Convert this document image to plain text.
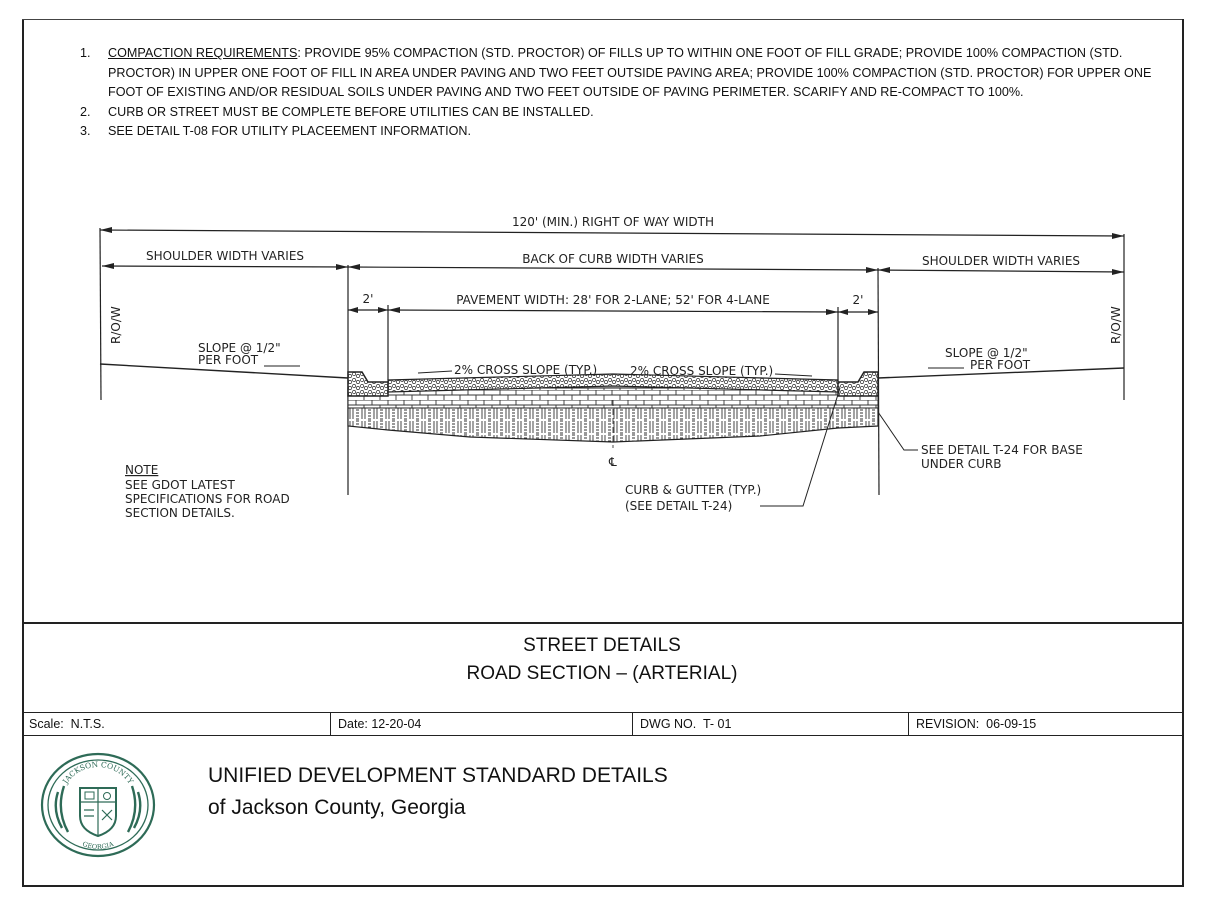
1. COMPACTION REQUIREMENTS: PROVIDE 95% COMPACTION (STD. PROCTOR) OF FILLS UP TO WITHIN ONE FOOT OF FILL GRADE; PROVIDE 100% COMPACTION (STD. PROCTOR) IN UPPER ONE FOOT OF FILL IN AREA UNDER PAVING AND TWO FEET OUTSIDE PAVING AREA; PROVIDE 100% COMPACTION (STD. PROCTOR) FOR UPPER ONE FOOT OF EXISTING AND/OR RESIDUAL SOILS UNDER PAVING AND TWO FEET OUTSIDE OF PAVING PERIMETER. SCARIFY AND RE-COMPACT TO 100%.
2. CURB OR STREET MUST BE COMPLETE BEFORE UTILITIES CAN BE INSTALLED.
3. SEE DETAIL T-08 FOR UTILITY PLACEEMENT INFORMATION.
120' (MIN.) RIGHT OF WAY WIDTH
SHOULDER WIDTH VARIES	BACK OF CURB WIDTH VARIES	SHOULDER WIDTH VARIES
2'	PAVEMENT WIDTH: 28' FOR 2-LANE; 52' FOR 4-LANE	2'
R/O/W	R/O/W
SLOPE @ 1/2"
PER FOOT	SLOPE @ 1/2"
PER FOOT
2% CROSS SLOPE (TYP.)	2% CROSS SLOPE (TYP.)
℄
NOTE
SEE GDOT LATEST
SPECIFICATIONS FOR ROAD
SECTION DETAILS.
CURB & GUTTER (TYP.)
(SEE DETAIL T-24)
SEE DETAIL T-24 FOR BASE
UNDER CURB
STREET DETAILS
ROAD SECTION – (ARTERIAL)
Scale:  N.T.S.	Date: 12-20-04	DWG NO.  T- 01	REVISION:  06-09-15
JACKSON COUNTY
GEORGIA
UNIFIED DEVELOPMENT STANDARD DETAILS
of Jackson County, Georgia
